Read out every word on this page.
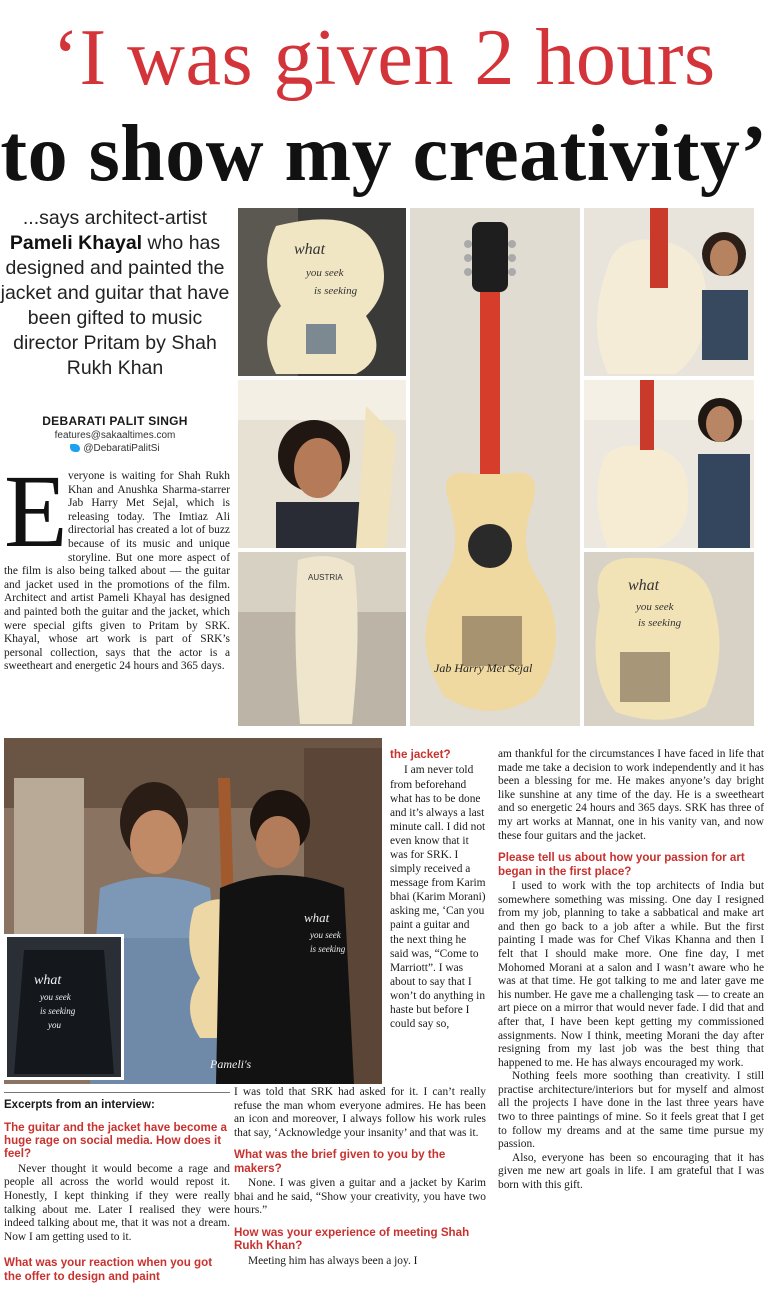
‘I was given 2 hours
to show my creativity’
...says architect-artist
Pameli Khayal who has designed and painted the jacket and guitar that have been gifted to music director Pritam by Shah Rukh Khan
DEBARATI PALIT SINGH
features@sakaaltimes.com
@DebaratiPalitSi
E veryone is waiting for Shah Rukh Khan and Anushka Sharma-starrer Jab Harry Met Sejal, which is releasing today. The Imtiaz Ali directorial has created a lot of buzz because of its music and unique storyline. But one more aspect of the film is also being talked about — the guitar and jacket used in the promotions of the film. Architect and artist Pameli Khayal has designed and painted both the guitar and the jacket, which were special gifts given to Pritam by SRK. Khayal, whose art work is part of SRK’s personal collection, says that the actor is a sweetheart and energetic 24 hours and 365 days.

what
you seek
is seeking
Jab Harry Met Sejal
AUSTRIA	what
you seek
is seeking
what
you seek
is seeking
what
you seek
is seeking
you
Pameli's
Excerpts from an interview:
The guitar and the jacket have become a huge rage on social media. How does it feel?

Never thought it would become a rage and people all across the world would repost it. Honestly, I kept thinking if they were really talking about me. Later I realised they were indeed talking about me, that it was not a dream. Now I am getting used to it.

What was your reaction when you got the offer to design and paint
the jacket?

I am never told from beforehand what has to be done and it’s always a last minute call. I did not even know that it was for SRK. I simply received a message from Karim bhai (Karim Morani) asking me, ‘Can you paint a guitar and the next thing he said was, “Come to Marriott”. I was about to say that I won’t do anything in haste but before I could say so,

I was told that SRK had asked for it. I can’t really refuse the man whom everyone admires. He has been an icon and moreover, I always follow his work rules that say, ‘Acknowledge your insanity’ and that was it.

What was the brief given to you by the makers?

None. I was given a guitar and a jacket by Karim bhai and he said, “Show your creativity, you have two hours.”

How was your experience of meeting Shah Rukh Khan?

Meeting him has always been a joy. I

am thankful for the circumstances I have faced in life that made me take a decision to work independently and it has been a blessing for me. He makes anyone’s day bright like sunshine at any time of the day. He is a sweetheart and so energetic 24 hours and 365 days. SRK has three of my art works at Mannat, one in his vanity van, and now these four guitars and the jacket.

Please tell us about how your passion for art began in the first place?

I used to work with the top architects of India but somewhere something was missing. One day I resigned from my job, planning to take a sabbatical and make art and then go back to a job after a while. But the first painting I made was for Chef Vikas Khanna and then I felt that I should make more. One fine day, I met Mohomed Morani at a salon and I wasn’t aware who he was at that time. He got talking to me and later gave me his number. He gave me a challenging task — to create an art piece on a mirror that would never fade. I did that and after that, I have been kept getting my commissioned assignments. Now I think, meeting Morani the day after resigning from my last job was the best thing that happened to me. He has always encouraged my work.

Nothing feels more soothing than creativity. I still practise architecture/interiors but for myself and almost all the projects I have done in the last three years have two to three paintings of mine. So it feels great that I get to follow my dreams and at the same time pursue my passion.

Also, everyone has been so encouraging that it has given me new art goals in life. I am grateful that I was born with this gift.
